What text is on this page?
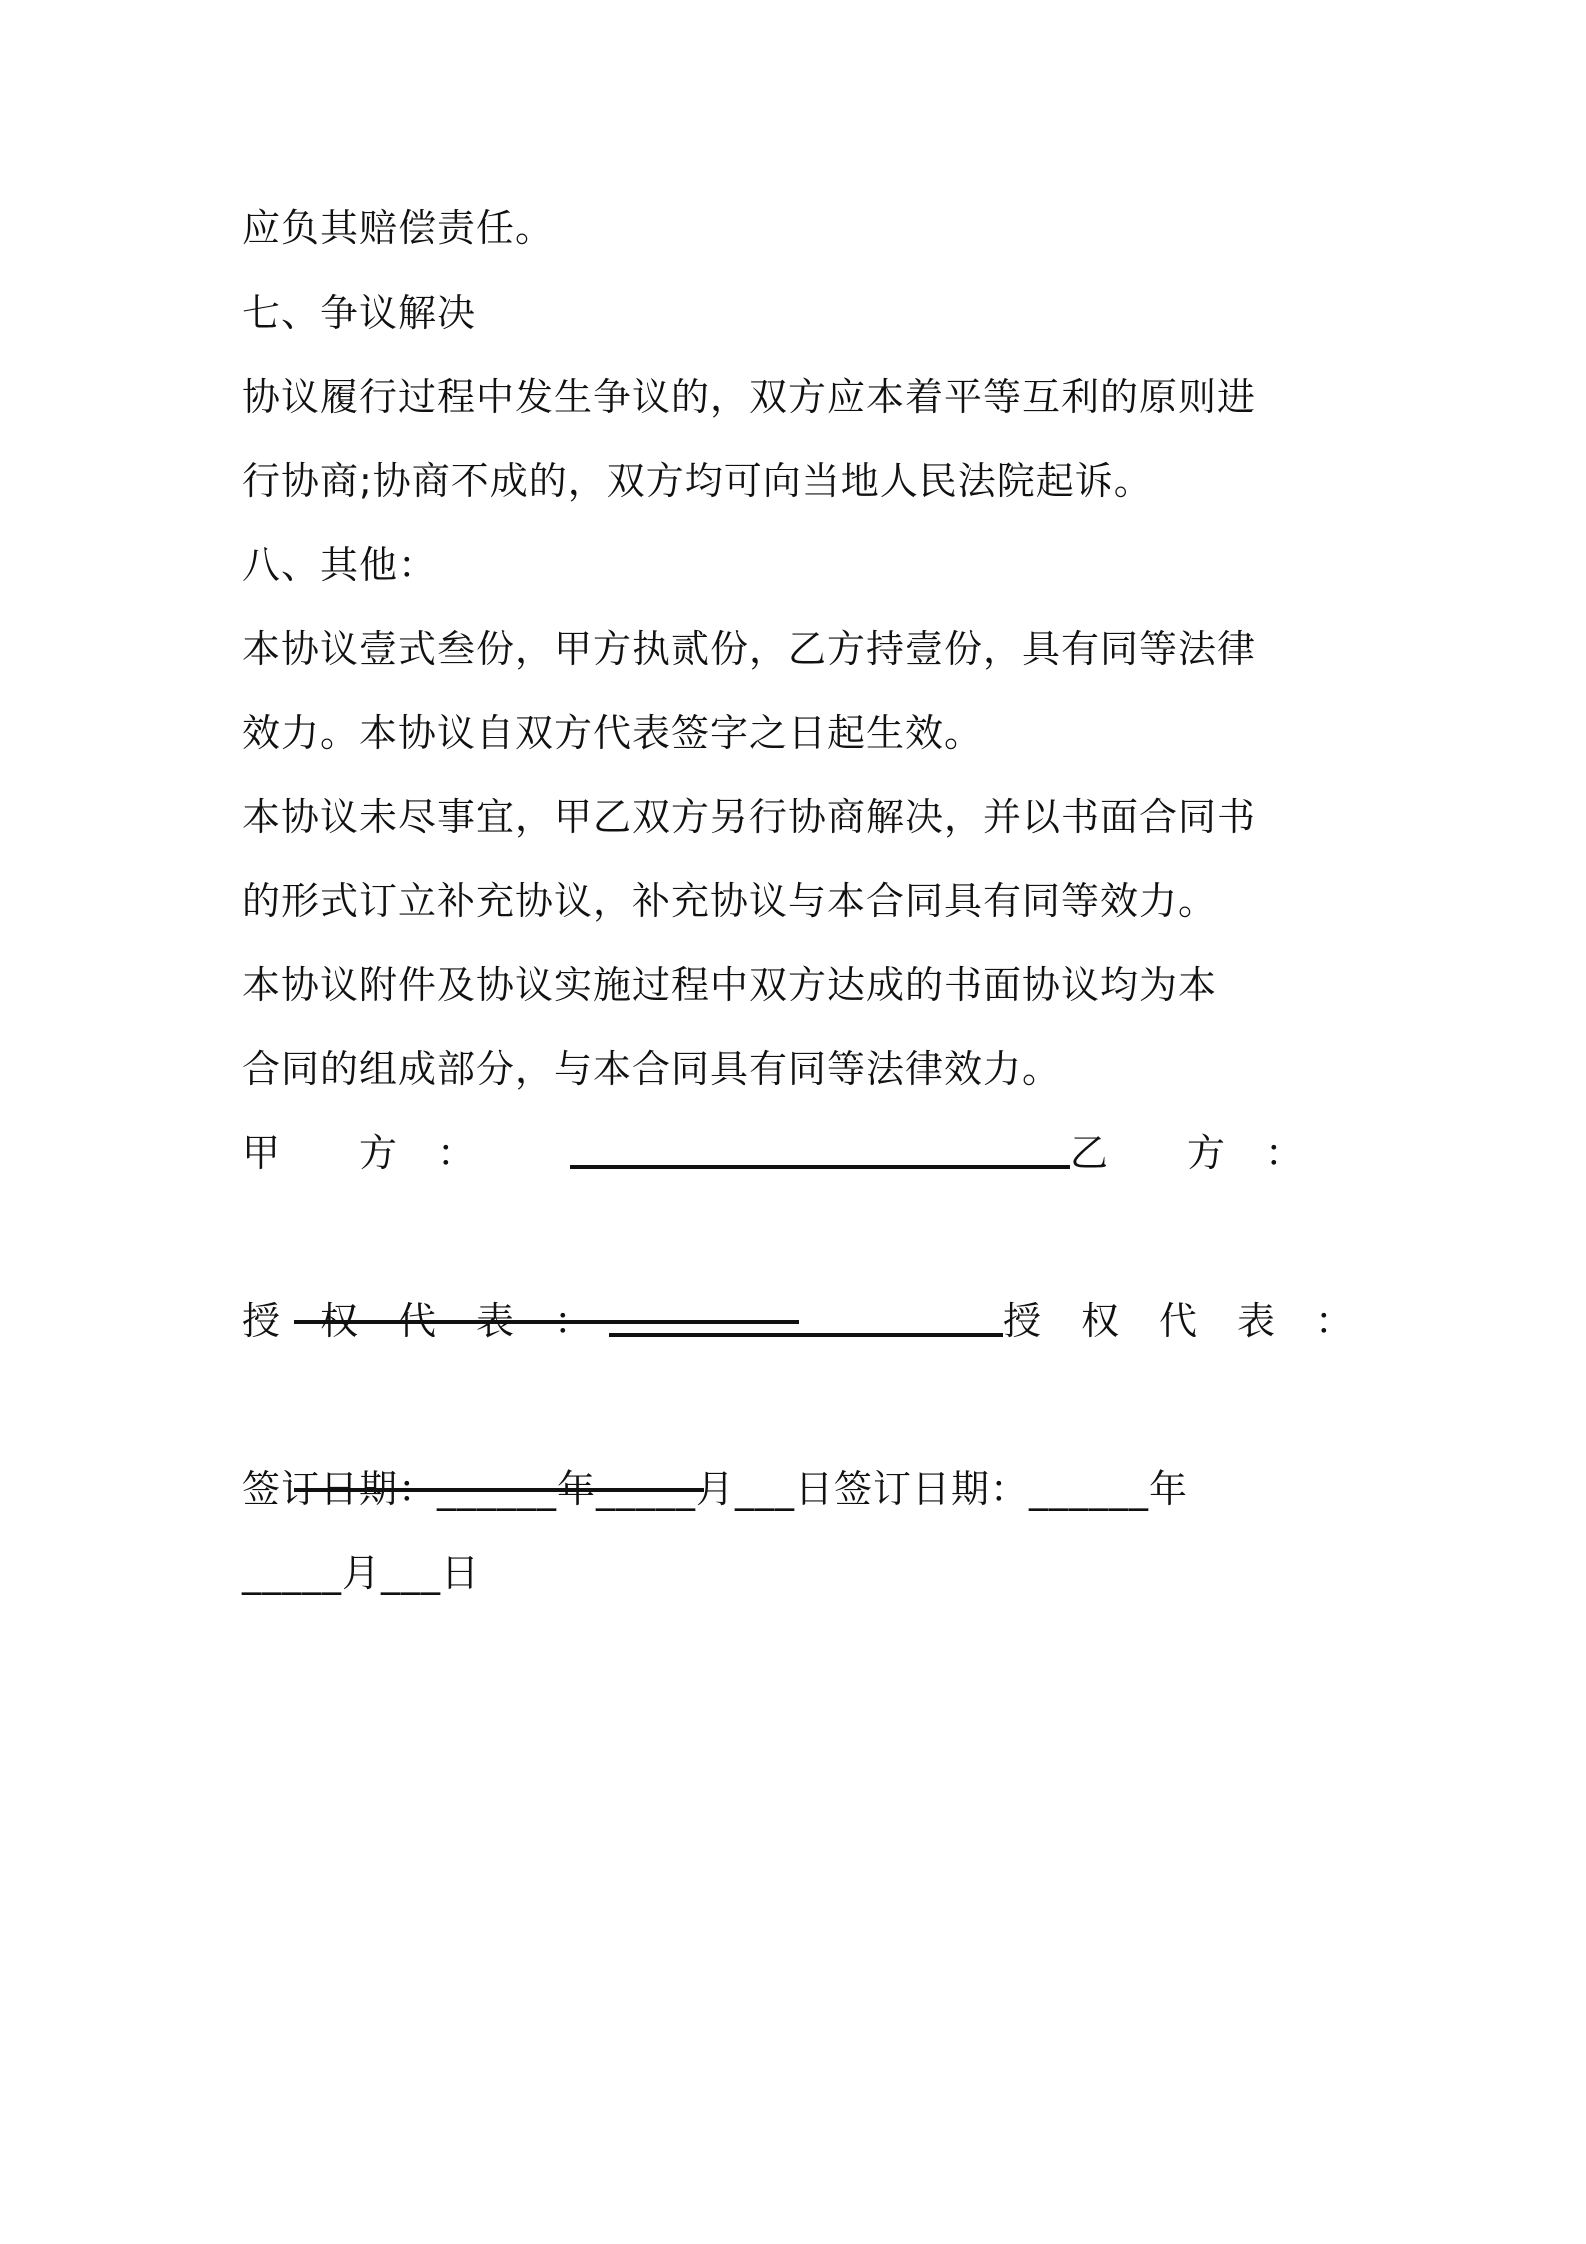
应负其赔偿责任。
七、争议解决
协议履行过程中发生争议的，双方应本着平等互利的原则进
行协商;协商不成的，双方均可向当地人民法院起诉。
八、其他：
本协议壹式叁份，甲方执贰份，乙方持壹份，具有同等法律
效力。本协议自双方代表签字之日起生效。
本协议未尽事宜，甲乙双方另行协商解决，并以书面合同书
的形式订立补充协议，补充协议与本合同具有同等效力。
本协议附件及协议实施过程中双方达成的书面协议均为本
合同的组成部分，与本合同具有同等法律效力。
甲　　方　：	乙　　方　：

授　权　代　表　：	授　权　代　表　：

签订日期：______年_____月___日签订日期：______年
_____月___日
